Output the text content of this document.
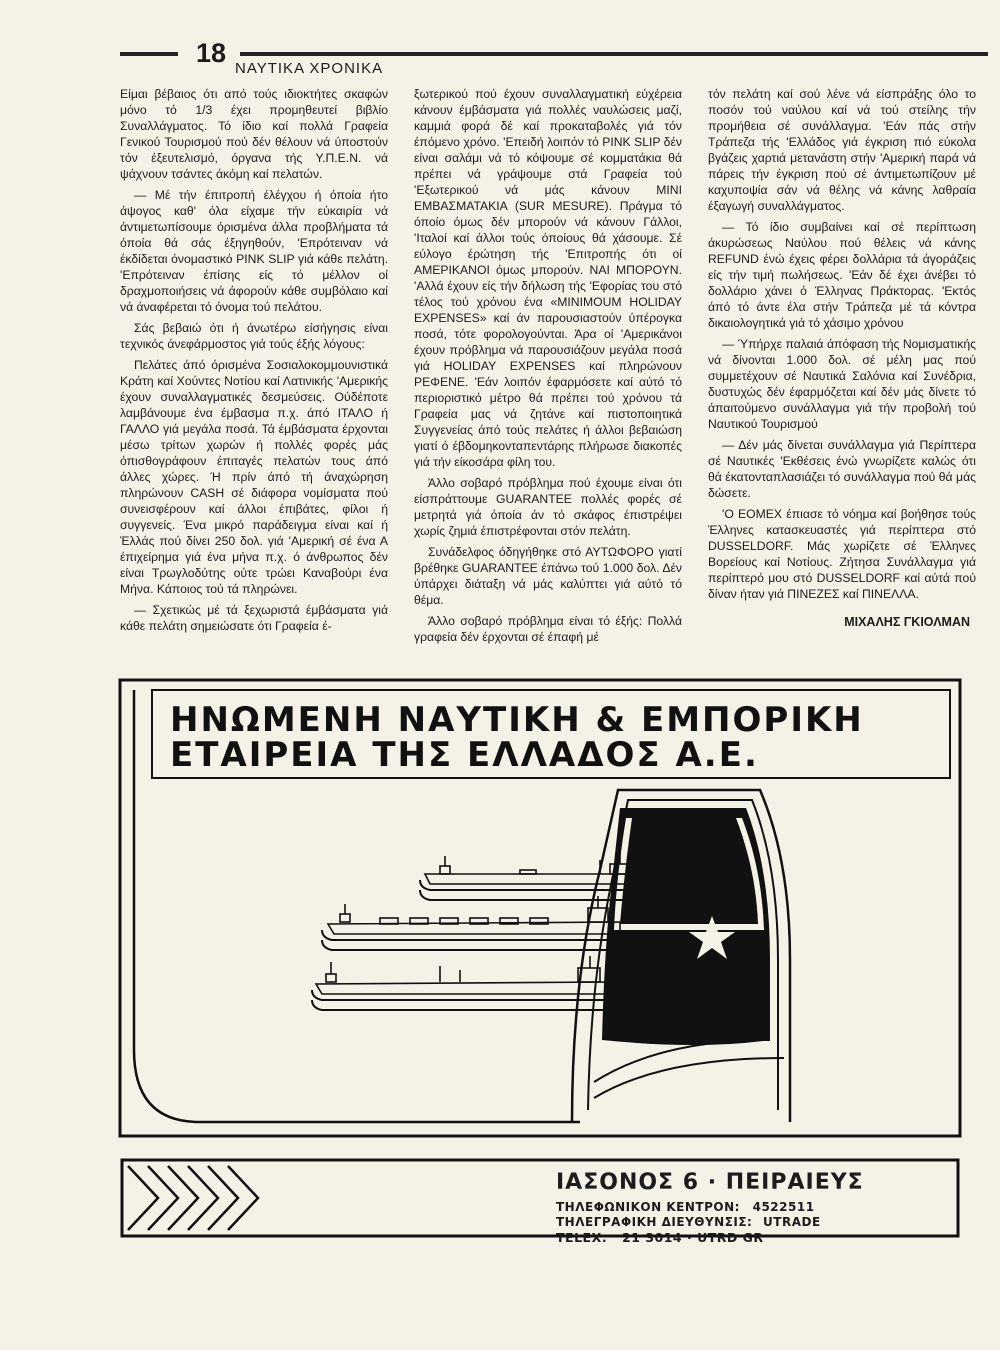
18
ΝΑΥΤΙΚΑ ΧΡΟΝΙΚΑ

Είμαι βέβαιος ότι από τούς ιδιοκτήτες σκαφών μόνο τό 1/3 έχει προμηθευτεί βιβλίο Συναλλάγματος. Τό ίδιο καί πολλά Γραφεία Γενικού Τουρισμού πού δέν θέλουν νά ύποστούν τόν έξευτελισμό, όργανα τής Υ.Π.Ε.Ν. νά ψάχνουν τσάντες άκόμη καί πελατών.

— Μέ τήν έπιτροπή έλέγχου ή όποία ήτο άψογος καθ' όλα είχαμε τήν εύκαιρία νά άντιμετωπίσουμε όρισμένα άλλα προβλήματα τά όποία θά σάς έξηγηθούν, 'Επρότειναν νά έκδίδεται όνομαστικό PINK SLIP γιά κάθε πελάτη. 'Επρότειναν έπίσης είς τό μέλλον οί δραχμοποιήσεις νά άφορούν κάθε συμβόλαιο καί νά άναφέρεται τό όνομα τού πελάτου.

Σάς βεβαιώ ότι ή άνωτέρω είσήγησις είναι τεχνικός άνεφάρμοστος γιά τούς έξής λόγους:

Πελάτες άπό όρισμένα Σοσιαλοκομμουνιστικά Κράτη καί Χούντες Νοτίου καί Λατινικής 'Αμερικής έχουν συναλλαγματικές δεσμεύσεις. Ούδέποτε λαμβάνουμε ένα έμβασμα π.χ. άπό ΙΤΑΛΟ ή ΓΑΛΛΟ γιά μεγάλα ποσά. Τά έμβάσματα έρχονται μέσω τρίτων χωρών ή πολλές φορές μάς όπισθογράφουν έπιταγές πελατών τους άπό άλλες χώρες. Ή πρίν άπό τή άναχώρηση πληρώνουν CASH σέ διάφορα νομίσματα πού συνεισφέρουν καί άλλοι έπιβάτες, φίλοι ή συγγενείς. Ένα μικρό παράδειγμα είναι καί ή Έλλάς πού δίνει 250 δολ. γιά 'Αμερική σέ ένα Α έπιχείρημα γιά ένα μήνα π.χ. ό άνθρωπος δέν είναι Τρωγλοδύτης ούτε τρώει Καναβούρι ένα Μήνα. Κάποιος τού τά πληρώνει.

— Σχετικώς μέ τά ξεχωριστά έμβάσματα γιά κάθε πελάτη σημειώσατε ότι Γραφεία έ-

ξωτερικού πού έχουν συναλλαγματική εύχέρεια κάνουν έμβάσματα γιά πολλές ναυλώσεις μαζί, καμμιά φορά δέ καί προκαταβολές γιά τόν έπόμενο χρόνο. 'Επειδή λοιπόν τό PINK SLIP δέν είναι σαλάμι νά τό κόψουμε σέ κομματάκια θά πρέπει νά γράψουμε στά Γραφεία τού 'Εξωτερικού νά μάς κάνουν ΜΙΝΙ ΕΜΒΑΣΜΑΤΑΚΙΑ (SUR MESURE). Πράγμα τό όποίο όμως δέν μπορούν νά κάνουν Γάλλοι, 'Ιταλοί καί άλλοι τούς όποίους θά χάσουμε. Σέ εύλογο έρώτηση τής 'Επιτροπής ότι οί ΑΜΕΡΙΚΑΝΟΙ όμως μπορούν. ΝΑΙ ΜΠΟΡΟΥΝ. 'Αλλά έχουν είς τήν δήλωση τής 'Εφορίας του στό τέλος τού χρόνου ένα «MINIMOUM HOLIDAY EXPENSES» καί άν παρουσιαστούν ύπέρογκα ποσά, τότε φορολογούνται. Άρα οί 'Αμερικάνοι έχουν πρόβλημα νά παρουσιάζουν μεγάλα ποσά γιά HOLIDAY EXPENSES καί πληρώνουν ΡΕΦΕΝΕ. 'Εάν λοιπόν έφαρμόσετε καί αύτό τό περιοριστικό μέτρο θά πρέπει τού χρόνου τά Γραφεία μας νά ζητάνε καί πιστοποιητικά Συγγενείας άπό τούς πελάτες ή άλλοι βεβαιώση γιατί ό έβδομηκονταπεντάρης πλήρωσε διακοπές γιά τήν είκοσάρα φίλη του.

Άλλο σοβαρό πρόβλημα πού έχουμε είναι ότι είσπράττουμε GUARANTEE πολλές φορές σέ μετρητά γιά όποία άν τό σκάφος έπιστρέψει χωρίς ζημιά έπιστρέφονται στόν πελάτη.

Συνάδελφος όδηγήθηκε στό ΑΥΤΩΦΟΡΟ γιατί βρέθηκε GUARANTEE έπάνω τού 1.000 δολ. Δέν ύπάρχει διάταξη νά μάς καλύπτει γιά αύτό τό θέμα.

Άλλο σοβαρό πρόβλημα είναι τό έξής: Πολλά γραφεία δέν έρχονται σέ έπαφή μέ

τόν πελάτη καί σού λένε νά είσπράξης όλο το ποσόν τού ναύλου καί νά τού στείλης τήν προμήθεια σέ συνάλλαγμα. 'Εάν πάς στήν Τράπεζα τής 'Ελλάδος γιά έγκριση πιό εύκολα βγάζεις χαρτιά μετανάστη στήν 'Αμερική παρά νά πάρεις τήν έγκριση πού σέ άντιμετωπίζουν μέ καχυποψία σάν νά θέλης νά κάνης λαθραία έξαγωγή συναλλάγματος.

— Τό ίδιο συμβαίνει καί σέ περίπτωση άκυρώσεως Ναύλου πού θέλεις νά κάνης REFUND ένώ έχεις φέρει δολλάρια τά άγοράζεις είς τήν τιμή πωλήσεως. 'Εάν δέ έχει άνέβει τό δολλάριο χάνει ό Έλληνας Πράκτορας. 'Εκτός άπό τό άντε έλα στήν Τράπεζα μέ τά κόντρα δικαιολογητικά γιά τό χάσιμο χρόνου

— Ύπήρχε παλαιά άπόφαση τής Νομισματικής νά δίνονται 1.000 δολ. σέ μέλη μας πού συμμετέχουν σέ Ναυτικά Σαλόνια καί Συνέδρια, δυστυχώς δέν έφαρμόζεται καί δέν μάς δίνετε τό άπαιτούμενο συνάλλαγμα γιά τήν προβολή τού Ναυτικού Τουρισμού

— Δέν μάς δίνεται συνάλλαγμα γιά Περίπτερα σέ Ναυτικές 'Εκθέσεις ένώ γνωρίζετε καλώς ότι θά έκατονταπλασιάζει τό συνάλλαγμα πού θά μάς δώσετε.

'Ο ΕΟΜΕΧ έπιασε τό νόημα καί βοήθησε τούς Έλληνες κατασκευαστές γιά περίπτερα στό DUSSELDORF. Μάς χωρίζετε σέ Έλληνες Βορείους καί Νοτίους. Ζήτησα Συνάλλαγμα γιά περίπτερό μου στό DUSSELDORF καί αύτά πού δίναν ήταν γιά ΠΙΝΕΖΕΣ καί ΠΙΝΕΛΛΑ.

ΜΙΧΑΛΗΣ ΓΚΙΟΛΜΑΝ

ΗΝΩΜΕΝΗ ΝΑΥΤΙΚΗ & ΕΜΠΟΡΙΚΗ
ΕΤΑΙΡΕΙΑ ΤΗΣ ΕΛΛΑΔΟΣ Α.Ε.
ΙΑΣΟΝΟΣ 6 · ΠΕΙΡΑΙΕΥΣ
ΤΗΛΕΦΩΝΙΚΟΝ ΚΕΝΤΡΟΝ: 4522511
ΤΗΛΕΓΡΑΦΙΚΗ ΔΙΕΥΘΥΝΣΙΣ: UTRADE
TELEX: 21 3014 · UTRD GR
